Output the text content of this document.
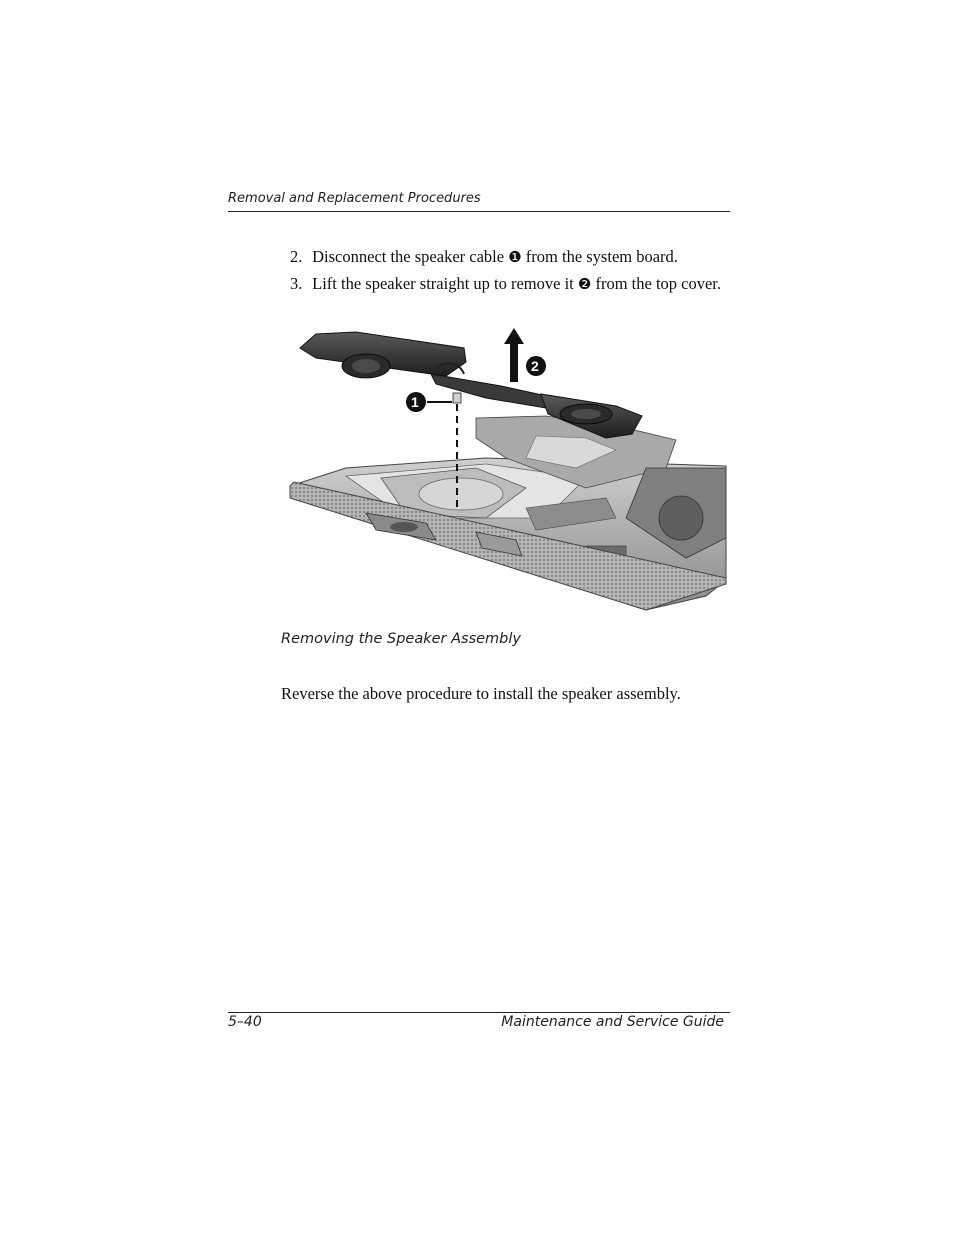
Removal and Replacement Procedures
2. Disconnect the speaker cable ❶ from the system board.
3. Lift the speaker straight up to remove it ❷ from the top cover.
1
2
Removing the Speaker Assembly
Reverse the above procedure to install the speaker assembly.
5–40	Maintenance and Service Guide
